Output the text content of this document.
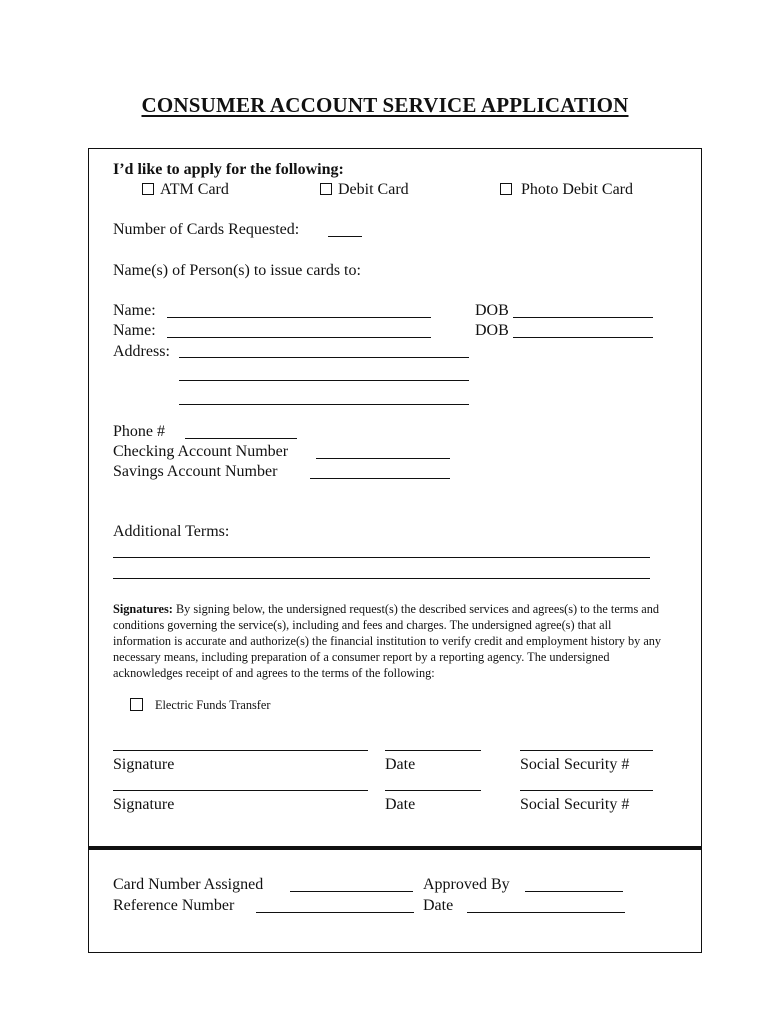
CONSUMER ACCOUNT SERVICE APPLICATION
I’d like to apply for the following:
ATM Card	Debit Card	Photo Debit Card
Number of Cards Requested:
Name(s) of Person(s) to issue cards to:
Name:	DOB
Name:	DOB
Address:
Phone #
Checking Account Number
Savings Account Number
Additional Terms:
Signatures: By signing below, the undersigned request(s) the described services and agrees(s) to the terms and conditions governing the service(s), including and fees and charges. The undersigned agree(s) that all information is accurate and authorize(s) the financial institution to verify credit and employment history by any necessary means, including preparation of a consumer report by a reporting agency. The undersigned acknowledges receipt of and agrees to the terms of the following:
Electric Funds Transfer
Signature	Date	Social Security #
Signature	Date	Social Security #
Card Number Assigned	Approved By
Reference Number	Date
